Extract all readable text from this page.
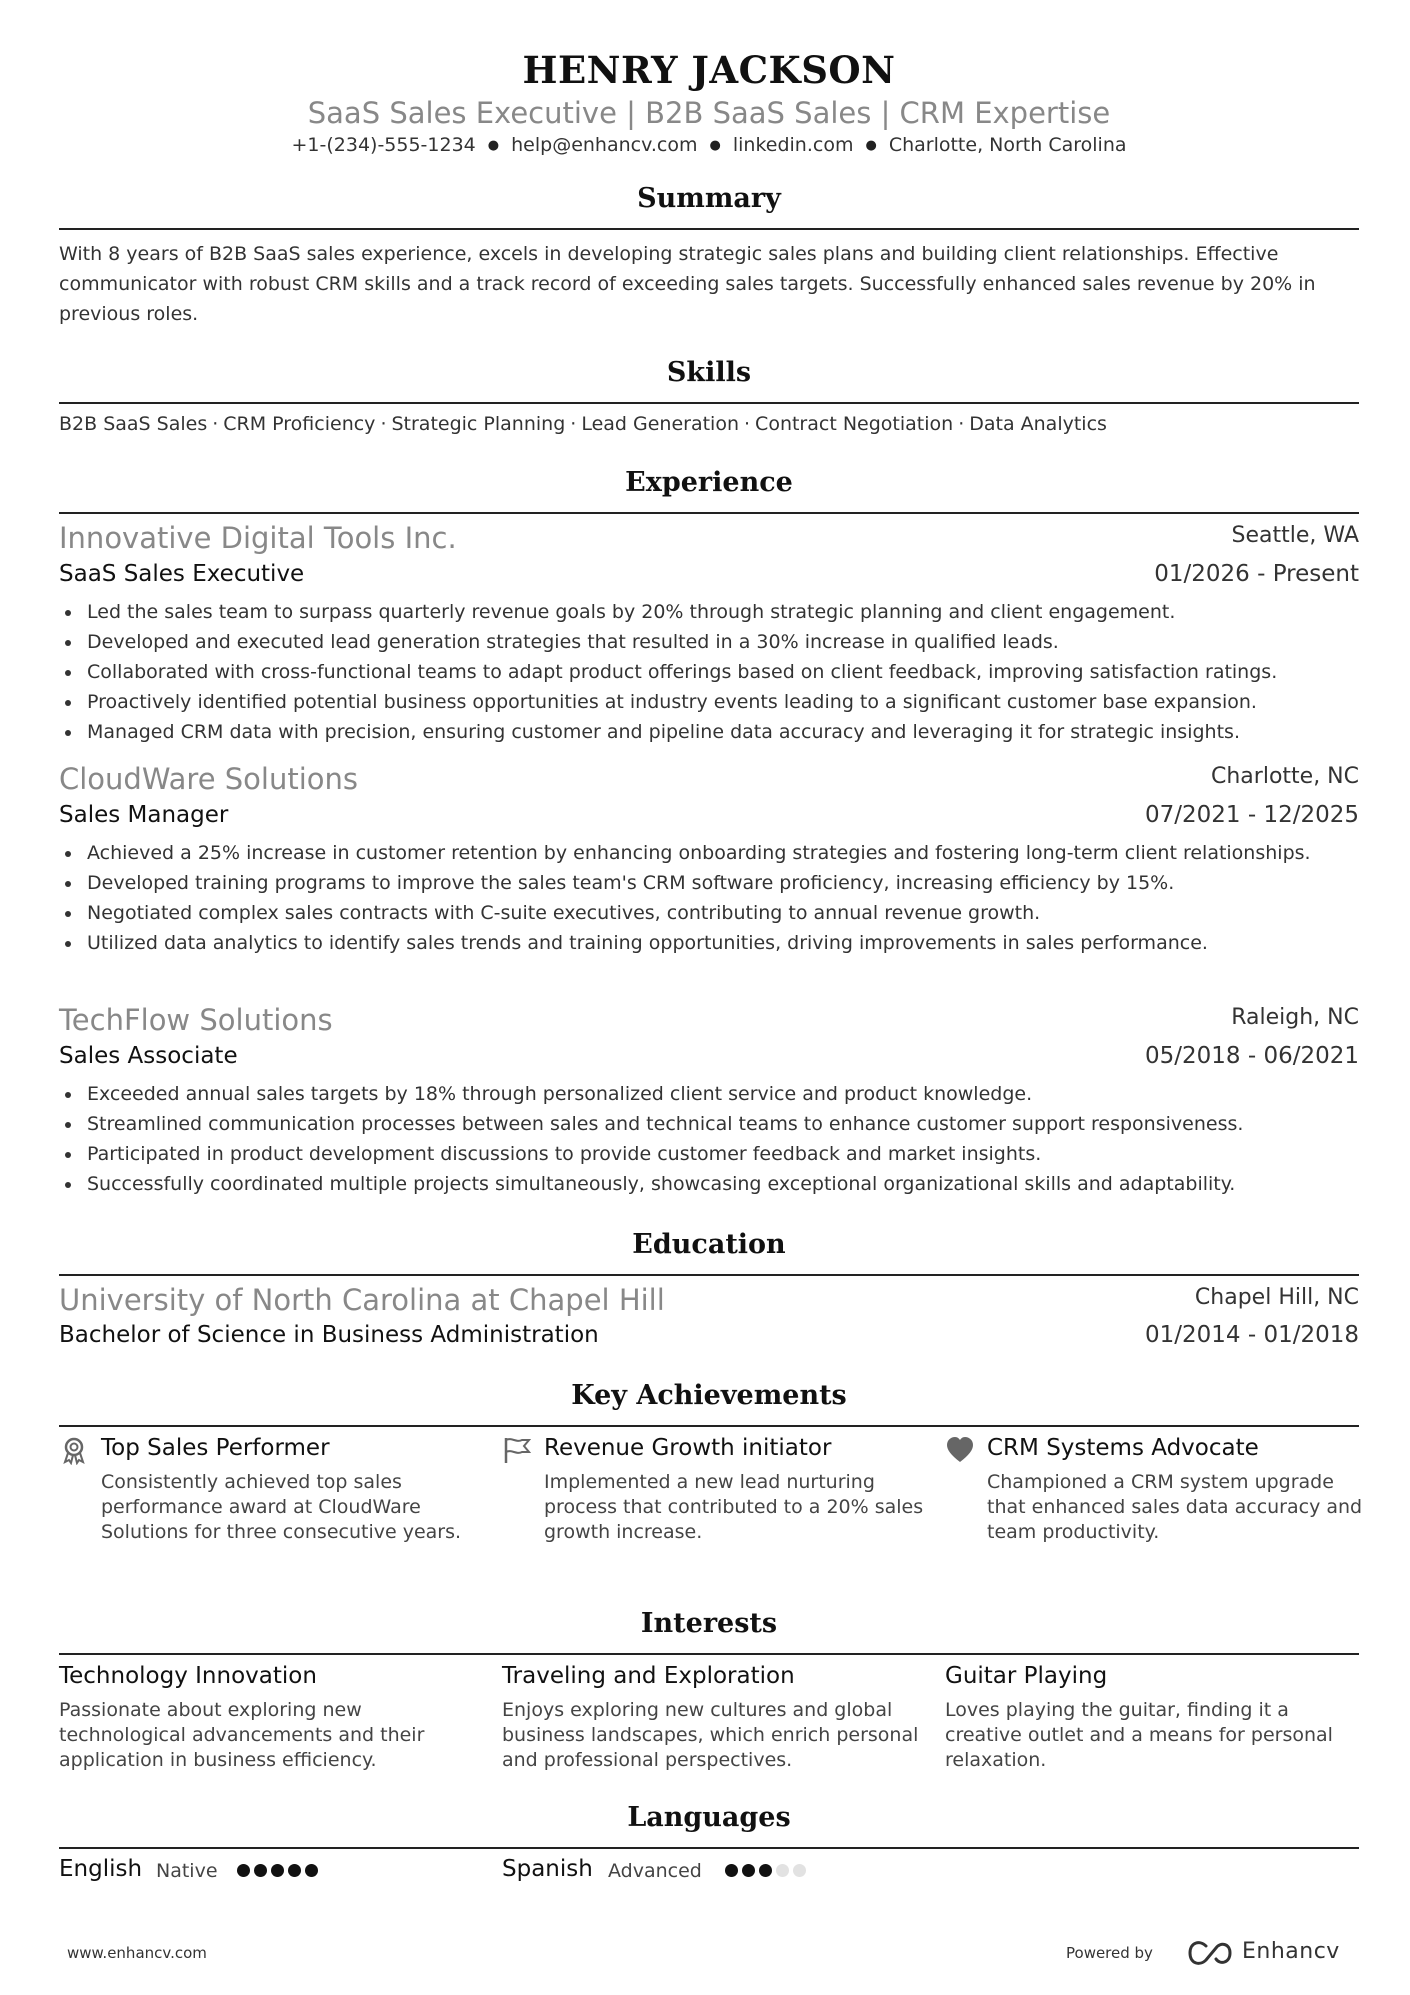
HENRY JACKSON
SaaS Sales Executive | B2B SaaS Sales | CRM Expertise
+1-(234)-555-1234 ● help@enhancv.com ● linkedin.com ● Charlotte, North Carolina
Summary
With 8 years of B2B SaaS sales experience, excels in developing strategic sales plans and building client relationships. Effective communicator with robust CRM skills and a track record of exceeding sales targets. Successfully enhanced sales revenue by 20% in previous roles.
Skills
B2B SaaS Sales · CRM Proficiency · Strategic Planning · Lead Generation · Contract Negotiation · Data Analytics
Experience
Innovative Digital Tools Inc.	Seattle, WA
SaaS Sales Executive	01/2026 - Present
Led the sales team to surpass quarterly revenue goals by 20% through strategic planning and client engagement.
Developed and executed lead generation strategies that resulted in a 30% increase in qualified leads.
Collaborated with cross-functional teams to adapt product offerings based on client feedback, improving satisfaction ratings.
Proactively identified potential business opportunities at industry events leading to a significant customer base expansion.
Managed CRM data with precision, ensuring customer and pipeline data accuracy and leveraging it for strategic insights.
CloudWare Solutions	Charlotte, NC
Sales Manager	07/2021 - 12/2025
Achieved a 25% increase in customer retention by enhancing onboarding strategies and fostering long-term client relationships.
Developed training programs to improve the sales team's CRM software proficiency, increasing efficiency by 15%.
Negotiated complex sales contracts with C-suite executives, contributing to annual revenue growth.
Utilized data analytics to identify sales trends and training opportunities, driving improvements in sales performance.
TechFlow Solutions	Raleigh, NC
Sales Associate	05/2018 - 06/2021
Exceeded annual sales targets by 18% through personalized client service and product knowledge.
Streamlined communication processes between sales and technical teams to enhance customer support responsiveness.
Participated in product development discussions to provide customer feedback and market insights.
Successfully coordinated multiple projects simultaneously, showcasing exceptional organizational skills and adaptability.
Education
University of North Carolina at Chapel Hill	Chapel Hill, NC
Bachelor of Science in Business Administration	01/2014 - 01/2018
Key Achievements
Top Sales Performer
Consistently achieved top sales performance award at CloudWare Solutions for three consecutive years.
Revenue Growth initiator
Implemented a new lead nurturing process that contributed to a 20% sales growth increase.
CRM Systems Advocate
Championed a CRM system upgrade that enhanced sales data accuracy and team productivity.
Interests
Technology Innovation
Passionate about exploring new technological advancements and their application in business efficiency.
Traveling and Exploration
Enjoys exploring new cultures and global business landscapes, which enrich personal and professional perspectives.
Guitar Playing
Loves playing the guitar, finding it a creative outlet and a means for personal relaxation.
Languages
English Native	Spanish Advanced
www.enhancv.com	Powered by	Enhancv
